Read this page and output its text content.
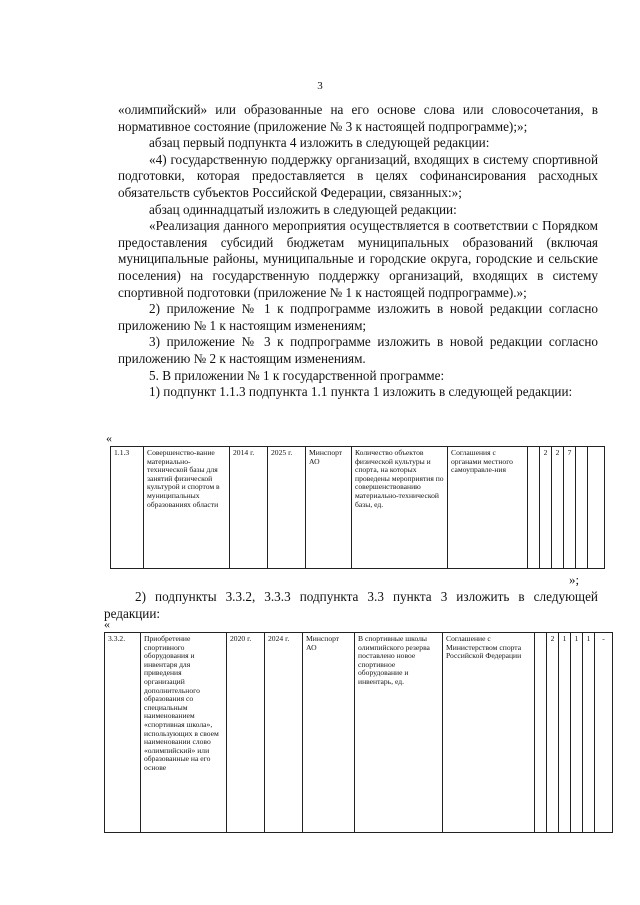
3

«олимпийский» или образованные на его основе слова или словосочетания, в нормативное состояние (приложение № 3 к настоящей подпрограмме);»;

абзац первый подпункта 4 изложить в следующей редакции:

«4) государственную поддержку организаций, входящих в систему спортивной подготовки, которая предоставляется в целях софинансирования расходных обязательств субъектов Российской Федерации, связанных:»;

абзац одиннадцатый изложить в следующей редакции:

«Реализация данного мероприятия осуществляется в соответствии с Порядком предоставления субсидий бюджетам муниципальных образований (включая муниципальные районы, муниципальные и городские округа, городские и сельские поселения) на государственную поддержку организаций, входящих в систему спортивной подготовки (приложение № 1 к настоящей подпрограмме).»;

2) приложение № 1 к подпрограмме изложить в новой редакции согласно приложению № 1 к настоящим изменениям;

3) приложение № 3 к подпрограмме изложить в новой редакции согласно приложению № 2 к настоящим изменениям.

5. В приложении № 1 к государственной программе:

1) подпункт 1.1.3 подпункта 1.1 пункта 1 изложить в следующей редакции:

«
1.1.3	Совершенство-вание материально-технической базы для занятий физической культурой и спортом в муниципальных образованиях области	2014 г.	2025 г.	Минспорт АО	Количество объектов физической культуры и спорта, на которых проведены мероприятия по совершенствованию материально-технической базы, ед.	Соглашения с органами местного самоуправле-ния		2	2	7		
»;

2) подпункты 3.3.2, 3.3.3 подпункта 3.3 пункта 3 изложить в следующей редакции:

«
3.3.2.	Приобретение спортивного оборудования и инвентаря для приведения организаций дополнительного образования со специальным наименованием «спортивная школа», использующих в своем наименовании слово «олимпийский» или образованные на его основе	2020 г.	2024 г.	Минспорт АО	В спортивные школы олимпийского резерва поставлено новое спортивное оборудование и инвентарь, ед.	Соглашение с Министерством спорта Российской Федерации		2	1	1	1	-
